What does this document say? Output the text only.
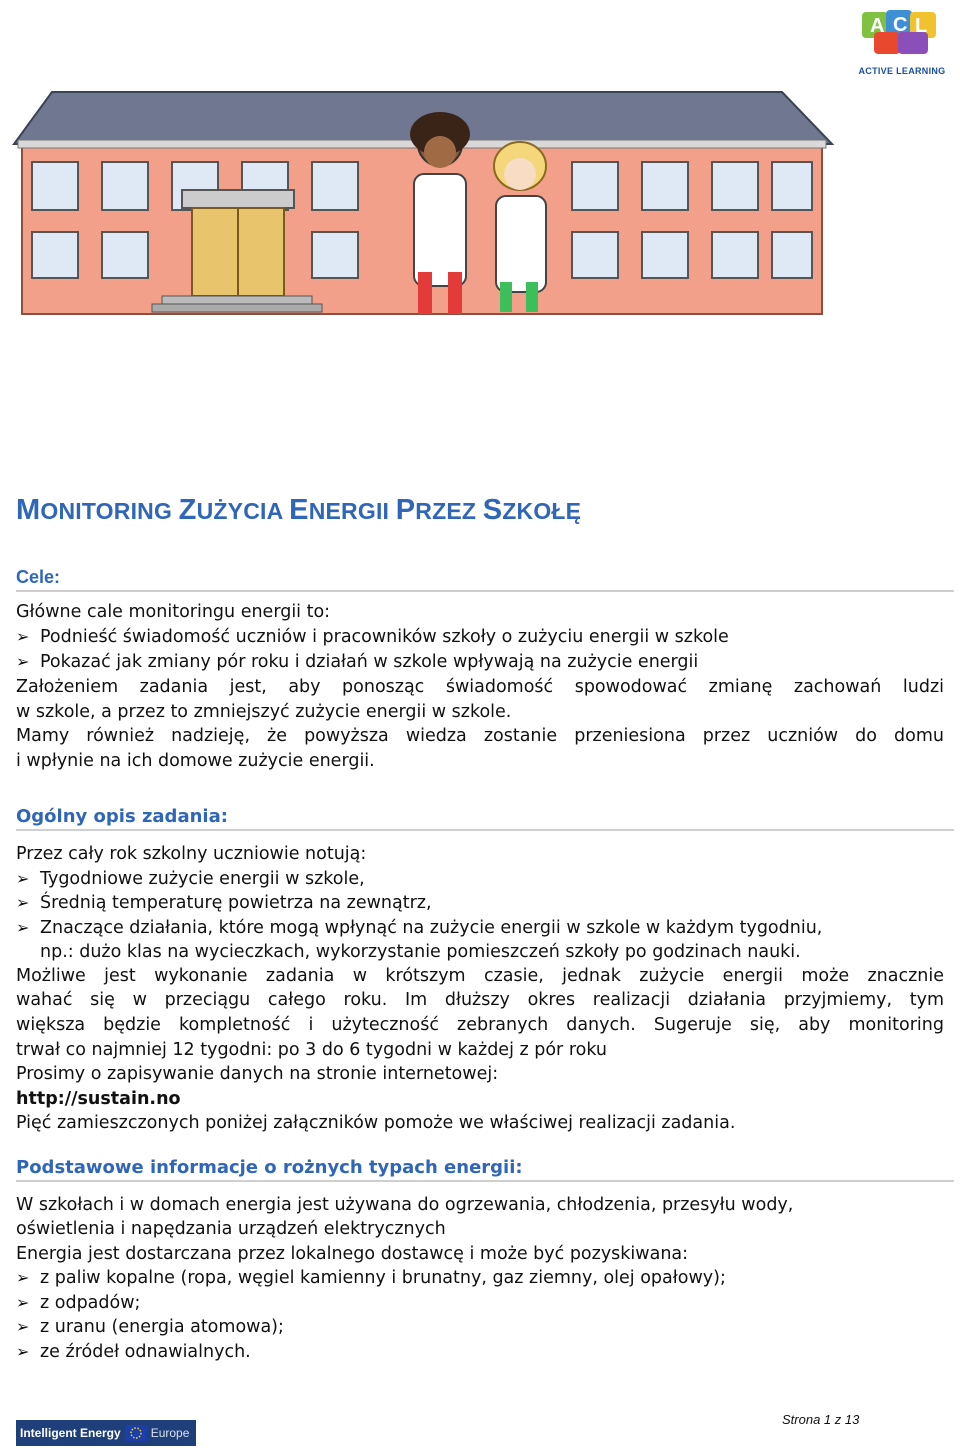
A C L
ACTIVE LEARNING
MONITORING ZUŻYCIA ENERGII PRZEZ SZKOŁĘ
Cele:
Główne cale monitoringu energii to:
➢ Podnieść świadomość uczniów i pracowników szkoły o zużyciu energii w szkole
➢ Pokazać jak zmiany pór roku i działań w szkole wpływają na zużycie energii
Założeniem zadania jest, aby ponosząc świadomość spowodować zmianę zachowań ludzi
w szkole, a przez to zmniejszyć zużycie energii w szkole.
Mamy również nadzieję, że powyższa wiedza zostanie przeniesiona przez uczniów do domu
i wpłynie na ich domowe zużycie energii.
Ogólny opis zadania:
Przez cały rok szkolny uczniowie notują:
➢ Tygodniowe zużycie energii w szkole,
➢ Średnią temperaturę powietrza na zewnątrz,
➢ Znaczące działania, które mogą wpłynąć na zużycie energii w szkole w każdym tygodniu,
np.: dużo klas na wycieczkach, wykorzystanie pomieszczeń szkoły po godzinach nauki.
Możliwe jest wykonanie zadania w krótszym czasie, jednak zużycie energii może znacznie
wahać się w przeciągu całego roku. Im dłuższy okres realizacji działania przyjmiemy, tym
większa będzie kompletność i użyteczność zebranych danych. Sugeruje się, aby monitoring
trwał co najmniej 12 tygodni: po 3 do 6 tygodni w każdej z pór roku
Prosimy o zapisywanie danych na stronie internetowej:
http://sustain.no
Pięć zamieszczonych poniżej załączników pomoże we właściwej realizacji zadania.
Podstawowe informacje o rożnych typach energii:
W szkołach i w domach energia jest używana do ogrzewania, chłodzenia, przesyłu wody,
oświetlenia i napędzania urządzeń elektrycznych
Energia jest dostarczana przez lokalnego dostawcę i może być pozyskiwana:
➢ z paliw kopalne (ropa, węgiel kamienny i brunatny, gaz ziemny, olej opałowy);
➢ z odpadów;
➢ z uranu (energia atomowa);
➢ ze źródeł odnawialnych.
Intelligent Energy	Europe
Strona 1 z 13
